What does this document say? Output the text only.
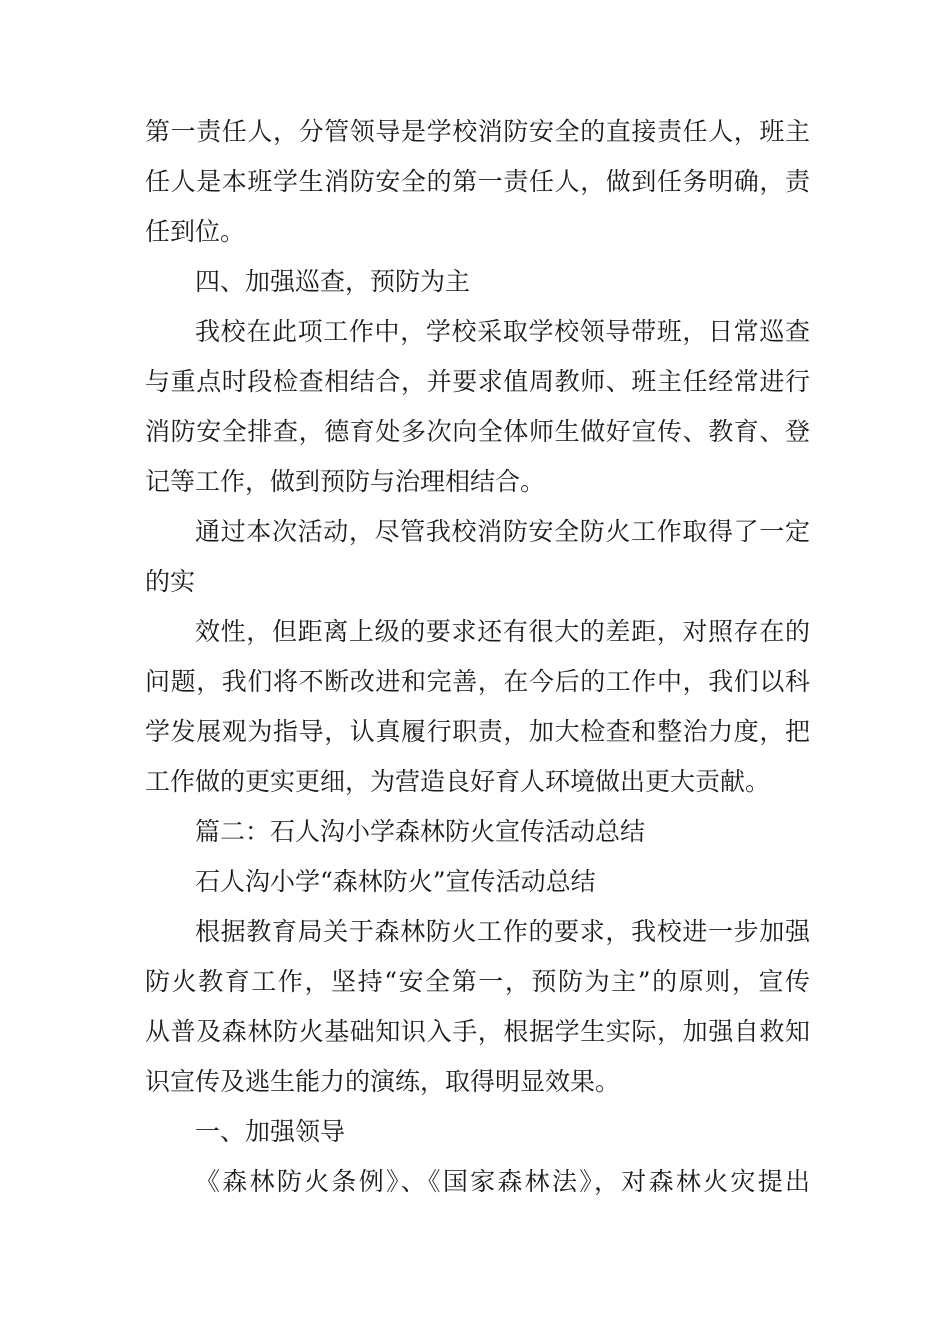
第一责任人，分管领导是学校消防安全的直接责任人，班主
任人是本班学生消防安全的第一责任人，做到任务明确，责
任到位。
四、加强巡查，预防为主
我校在此项工作中，学校采取学校领导带班，日常巡查
与重点时段检查相结合，并要求值周教师、班主任经常进行
消防安全排查，德育处多次向全体师生做好宣传、教育、登
记等工作，做到预防与治理相结合。
通过本次活动，尽管我校消防安全防火工作取得了一定
的实
效性，但距离上级的要求还有很大的差距，对照存在的
问题，我们将不断改进和完善，在今后的工作中，我们以科
学发展观为指导，认真履行职责，加大检查和整治力度，把
工作做的更实更细，为营造良好育人环境做出更大贡献。
篇二：石人沟小学森林防火宣传活动总结
石人沟小学“森林防火”宣传活动总结
根据教育局关于森林防火工作的要求，我校进一步加强
防火教育工作，坚持“安全第一，预防为主”的原则，宣传
从普及森林防火基础知识入手，根据学生实际，加强自救知
识宣传及逃生能力的演练，取得明显效果。
一、加强领导
《森林防火条例》、《国家森林法》，对森林火灾提出
